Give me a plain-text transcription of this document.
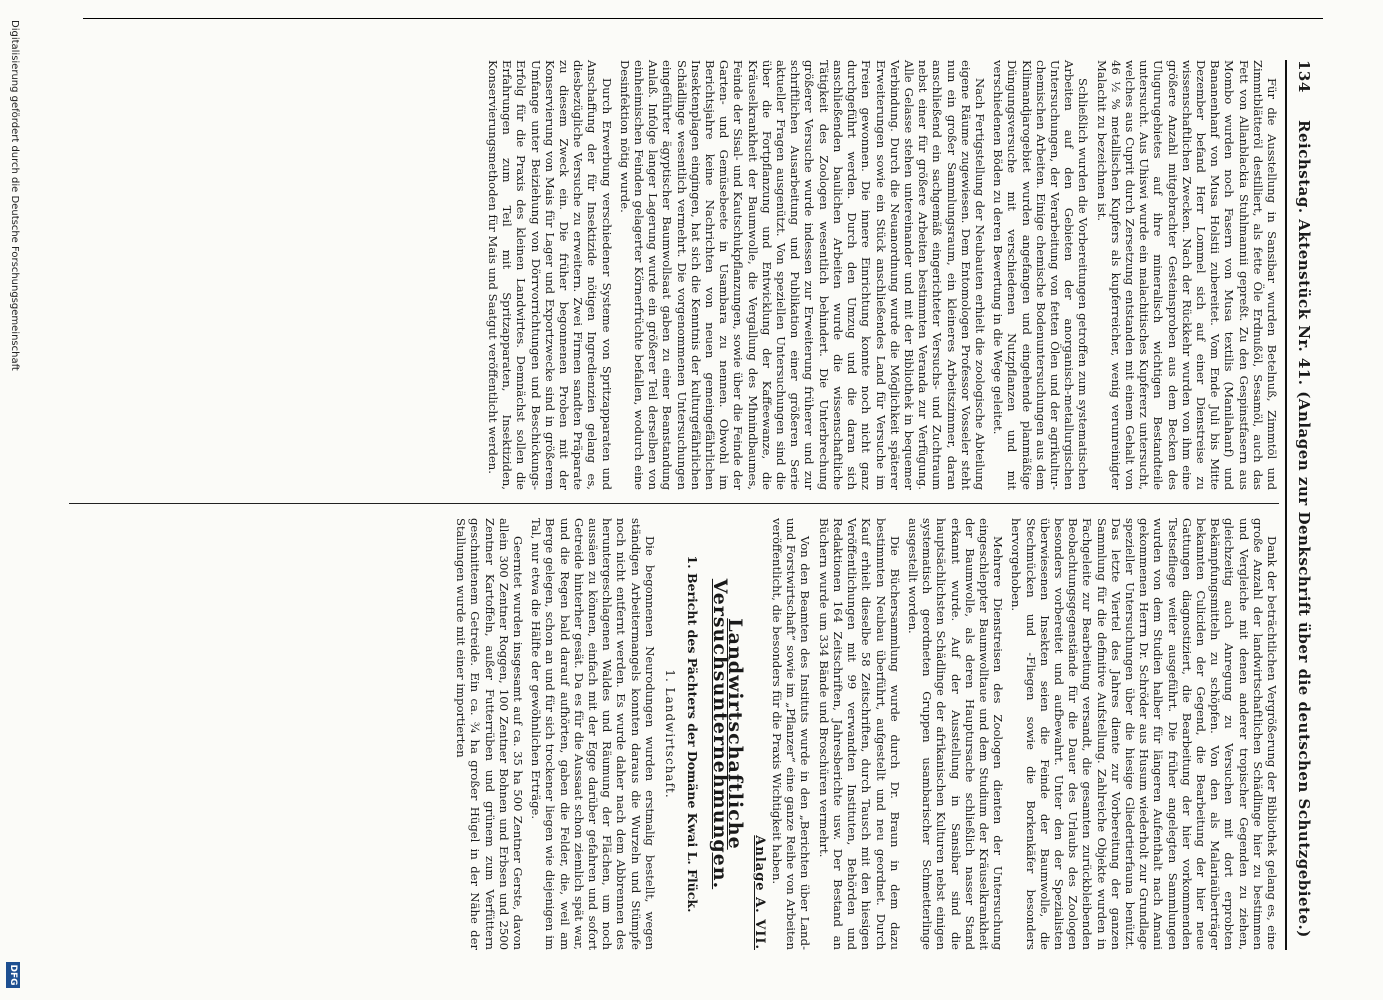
134
Reichstag. Aktenstück Nr. 41. (Anlagen zur Denkschrift über die deutschen Schutzgebiete.)

Für die Ausstellung in Sansibar wurden Betelnuß, Zimmtöl und Zimmtblätteröl destilliert, als fette Öle Erdnußöl, Sesamöl, auch das Fett von Allanblackia Stuhlmannii gepreßt. Zu den Gespinstfasern aus Mombo wurden noch Fasern von Musa textilis (Manilahanf) und Bananenhanf von Musa Holstii zubereitet. Vom Ende Juli bis Mitte Dezember befand Herr Lommel sich auf einer Dienstreise zu wissenschaftlichen Zwecken. Nach der Rückkehr wurden von ihm eine größere Anzahl mitgebrachter Gesteinsproben aus dem Becken des Ulugurugebietes auf ihre mineralisch wichtigen Bestandteile untersucht. Aus Uhiswi wurde ein malachitisches Kupfererz untersucht, welches aus Cuprit durch Zersetzung entstanden mit einem Gehalt von 46 ½ % metallischen Kupfers als kupferreicher, wenig verunreinigter Malachit zu bezeichnen ist.

Schließlich wurden die Vorbereitungen getroffen zum systematischen Arbeiten auf den Gebieten der anorganisch-metallurgischen Untersuchungen, der Verarbeitung von fetten Ölen und der agrikultur-chemischen Arbeiten. Einige chemische Bodenuntersuchungen aus dem Kilimandjarogebiet wurden angefangen und eingehende planmäßige Düngungsversuche mit verschiedenen Nutzpflanzen und mit verschiedenen Böden zu deren Bewertung in die Wege geleitet.

Nach Fertigstellung der Neubauten erhielt die zoologische Abteilung eigene Räume zugewiesen. Dem Entomologen Professor Vosseler steht nun ein großer Sammlungsraum, ein kleineres Arbeitszimmer, daran anschließend ein sachgemäß eingerichteter Versuchs- und Zuchtraum nebst einer für größere Arbeiten bestimmten Veranda zur Verfügung. Alle Gelasse stehen untereinander und mit der Bibliothek in bequemer Verbindung. Durch die Neuanordnung wurde die Möglichkeit späterer Erweiterungen sowie ein Stück anschließendes Land für Versuche im Freien gewonnen. Die innere Einrichtung konnte noch nicht ganz durchgeführt werden. Durch den Umzug und die daran sich anschließenden baulichen Arbeiten wurde die wissenschaftliche Tätigkeit des Zoologen wesentlich behindert. Die Unterbrechung größerer Versuche wurde indessen zur Erweiterung früherer und zur schriftlichen Ausarbeitung und Publikation einer größeren Serie aktueller Fragen ausgenützt. Von speziellen Untersuchungen sind die über die Fortpflanzung und Entwicklung der Kaffeewanze, die Kräuselkrankheit der Baumwolle, die Vergallung des Mhnindbaumes, Feinde der Sisal- und Kautschukpflanzungen, sowie über die Feinde der Garten- und Gemüsebeete in Usambara zu nennen. Obwohl im Berichtsjahre keine Nachrichten von neuen gemeingefährlichen Insektenplagen eingingen, hat sich die Kenntnis der kulturgefährlichen Schädlinge wesentlich vermehrt. Die vorgenommenen Untersuchungen eingeführter ägyptischer Baumwollsaat gaben zu einer Beanstandung Anlaß. Infolge langer Lagerung wurde ein größerer Teil derselben von einheimischen Feinden gelagerter Körnerfrüchte befallen, wodurch eine Desinfektion nötig wurde.

Durch Erwerbung verschiedener Systeme von Spritzapparaten und Anschaffung der für Insektizide nötigen Ingredienzien gelang es, diesbezügliche Versuche zu erweitern. Zwei Firmen sandten Präparate zu diesem Zweck ein. Die früher begonnenen Proben mit der Konservierung von Mais für Lager und Exportzwecke sind in größerem Umfange unter Beiziehung von Dörrvorrichtungen und Beschickungs-Erfolg für die Praxis des kleinen Landwirtes. Demnächst sollen die Erfahrungen zum Teil mit Spritzapparaten, Insektiziden, Konservierungsmethoden für Mais und Saatgut veröffentlicht werden.

Dank der beträchtlichen Vergrößerung der Bibliothek gelang es, eine große Anzahl der landwirtschaftlichen Schädlinge hier zu bestimmen und Vergleiche mit denen anderer tropischer Gegenden zu ziehen, gleichzeitig auch Anregung zu Versuchen mit dort erprobten Bekämpfungsmitteln zu schöpfen. Von den als Malariaüberträger bekannten Culiciden der Gegend, die Bearbeitung der hier neue Gattungen diagnostiziert, die Bearbeitung der hier vorkommenden Tsetsefliege weiter ausgeführt. Die früher angelegten Sammlungen wurden von dem Studien halber für längeren Aufenthalt nach Amani gekommenen Herrn Dr. Schröder aus Husum wiederholt zur Grundlage spezieller Untersuchungen über die hiesige Gliedertierfauna benützt. Das letzte Viertel des Jahres diente zur Vorbereitung der ganzen Sammlung für die definitive Aufstellung. Zahlreiche Objekte wurden in Fachgeleite zur Bearbeitung versandt, die gesamten zurückbleibenden Beobachtungsgegenstände für die Dauer des Urlaubs des Zoologen besonders vorbereitet und aufbewahrt. Unter den der Spezialisten überwiesenen Insekten seien die Feinde der Baumwolle, die Stechmücken und -Fliegen sowie die Borkenkäfer besonders hervorgehoben.

Mehrere Dienstreisen des Zoologen dienten der Untersuchung eingeschleppter Baumwolltaue und dem Studium der Kräuselkrankheit der Baumwolle, als deren Hauptursache schließlich nasser Stand erkannt wurde. Auf der Ausstellung in Sansibar sind die hauptsächlichsten Schädlinge der afrikanischen Kulturen nebst einigen systematisch geordneten Gruppen usambarischer Schmetterlinge ausgestellt worden.

Die Büchersammlung wurde durch Dr. Braun in dem dazu bestimmten Neubau überführt, aufgestellt und neu geordnet. Durch Kauf erhielt dieselbe 58 Zeitschriften, durch Tausch mit den hiesigen Veröffentlichungen mit 99 verwandten Instituten, Behörden und Redaktionen 164 Zeitschriften, Jahresberichte usw. Der Bestand an Büchern wurde um 334 Bände und Broschüren vermehrt.

Von den Beamten des Instituts wurde in den „Berichten über Land- und Forstwirtschaft“ sowie im „Pflanzer“ eine ganze Reihe von Arbeiten veröffentlicht, die besonders für die Praxis Wichtigkeit haben.

Anlage A. VII.
Landwirtschaftliche Versuchsunternehmungen.
1. Bericht des Pächters der Domäne Kwai L. Flück.
1. Landwirtschaft.

Die begonnenen Neurodungen wurden erstmalig bestellt, wegen ständigen Arbeitermangels konnten daraus die Wurzeln und Stümpfe noch nicht entfernt werden. Es wurde daher nach dem Abbrennen des heruntergeschlagenen Waldes und Räumung der Flächen, um noch aussäen zu können, einfach mit der Egge darüber gefahren und sofort Getreide hinterher gesät. Da es für die Aussaat schon ziemlich spät war, und die Regen bald darauf aufhörten, gaben die Felder, die, weil am Berge gelegen, schon an und für sich trockener liegen wie diejenigen im Tal, nur etwa die Hälfte der gewöhnlichen Erträge.

Geerntet wurden insgesamt auf ca. 35 ha 500 Zentner Gerste, davon allein 300 Zentner Roggen, 100 Zentner Bohnen und Erbsen und 2500 Zentner Kartoffeln, außer Futterrüben und grünem zum Verfüttern geschnittenem Getreide. Ein ca. ¾ ha großer Hügel in der Nähe der Stallungen wurde mit einer importierten

Digitalisierung gefördert durch die Deutsche Forschungsgemeinschaft
DFG
